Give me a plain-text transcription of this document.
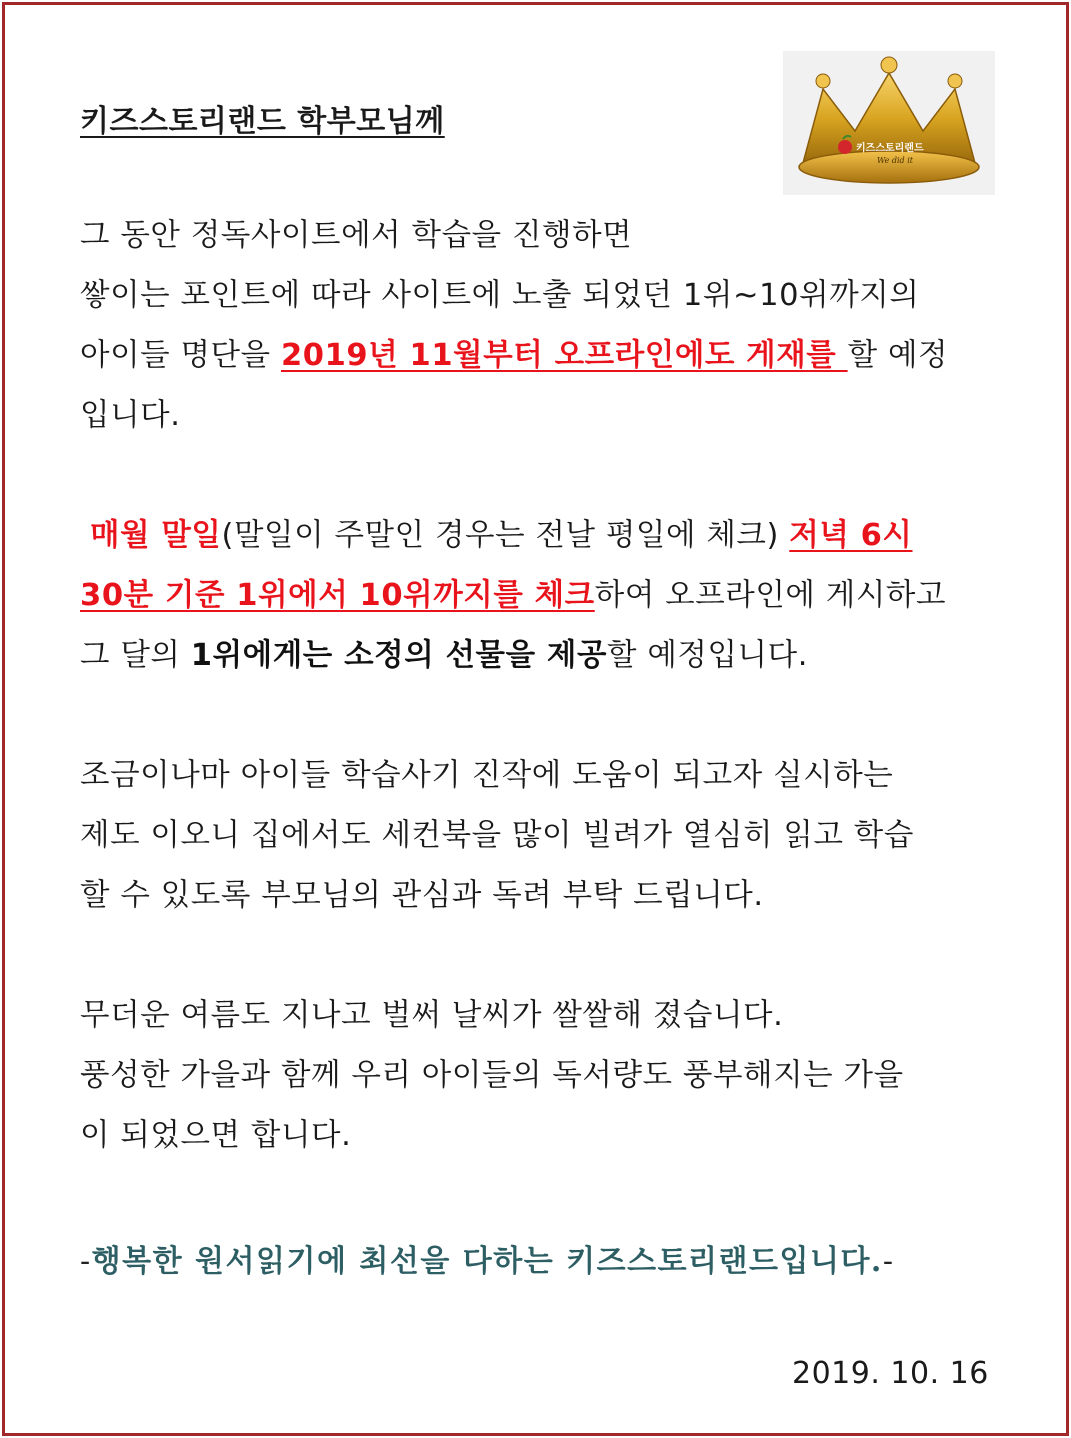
키즈스토리랜드 학부모님께
키즈스토리랜드
We did it
그 동안 정독사이트에서 학습을 진행하면
쌓이는 포인트에 따라 사이트에 노출 되었던 1위~10위까지의
아이들 명단을 2019년 11월부터 오프라인에도 게재를 할 예정
입니다.
매월 말일(말일이 주말인 경우는 전날 평일에 체크) 저녁 6시
30분 기준 1위에서 10위까지를 체크하여 오프라인에 게시하고
그 달의 1위에게는 소정의 선물을 제공할 예정입니다.
조금이나마 아이들 학습사기 진작에 도움이 되고자 실시하는
제도 이오니 집에서도 세컨북을 많이 빌려가 열심히 읽고 학습
할 수 있도록 부모님의 관심과 독려 부탁 드립니다.
무더운 여름도 지나고 벌써 날씨가 쌀쌀해 졌습니다.
풍성한 가을과 함께 우리 아이들의 독서량도 풍부해지는 가을
이 되었으면 합니다.
-행복한 원서읽기에 최선을 다하는 키즈스토리랜드입니다.-
2019. 10. 16
